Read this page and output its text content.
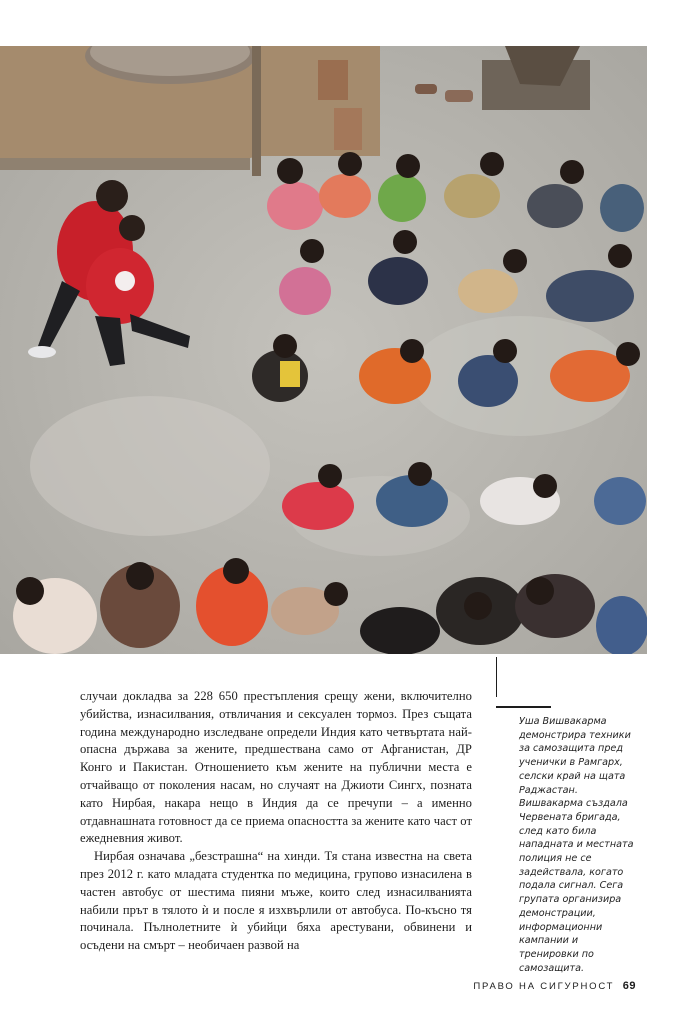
случаи докладва за 228 650 престъпления срещу жени, включително убийства, изнасилвания, отвличания и сексуален тормоз. През същата година международно изследване определи Индия като четвъртата най-опасна държава за жените, предшествана само от Афганистан, ДР Конго и Пакистан. Отношението към жените на публични места е отчайващо от поколения насам, но случаят на Джиоти Сингх, позната като Нирбая, накара нещо в Индия да се пречупи – а именно отдавнашната готовност да се приема опасността за жените като част от ежедневния живот.

Нирбая означава „безстрашна“ на хинди. Тя стана известна на света през 2012 г. като младата студентка по медицина, групово изнасилена в частен автобус от шестима пияни мъже, които след изнасилванията набили прът в тялото ѝ и после я изхвърлили от автобуса. По-късно тя починала. Пълнолетните ѝ убийци бяха арестувани, обвинени и осъдени на смърт – необичаен развой на

Уша Вишвакарма демонстрира техники за самозащита пред ученички в Рамгарх, селски край на щата Раджастан. Вишвакарма създала Червената бригада, след като била нападната и местната полиция не се задействала, когато подала сигнал. Сега групата организира демонстрации, информационни кампании и тренировки по самозащита.
ПРАВО НА СИГУРНОСТ 69
